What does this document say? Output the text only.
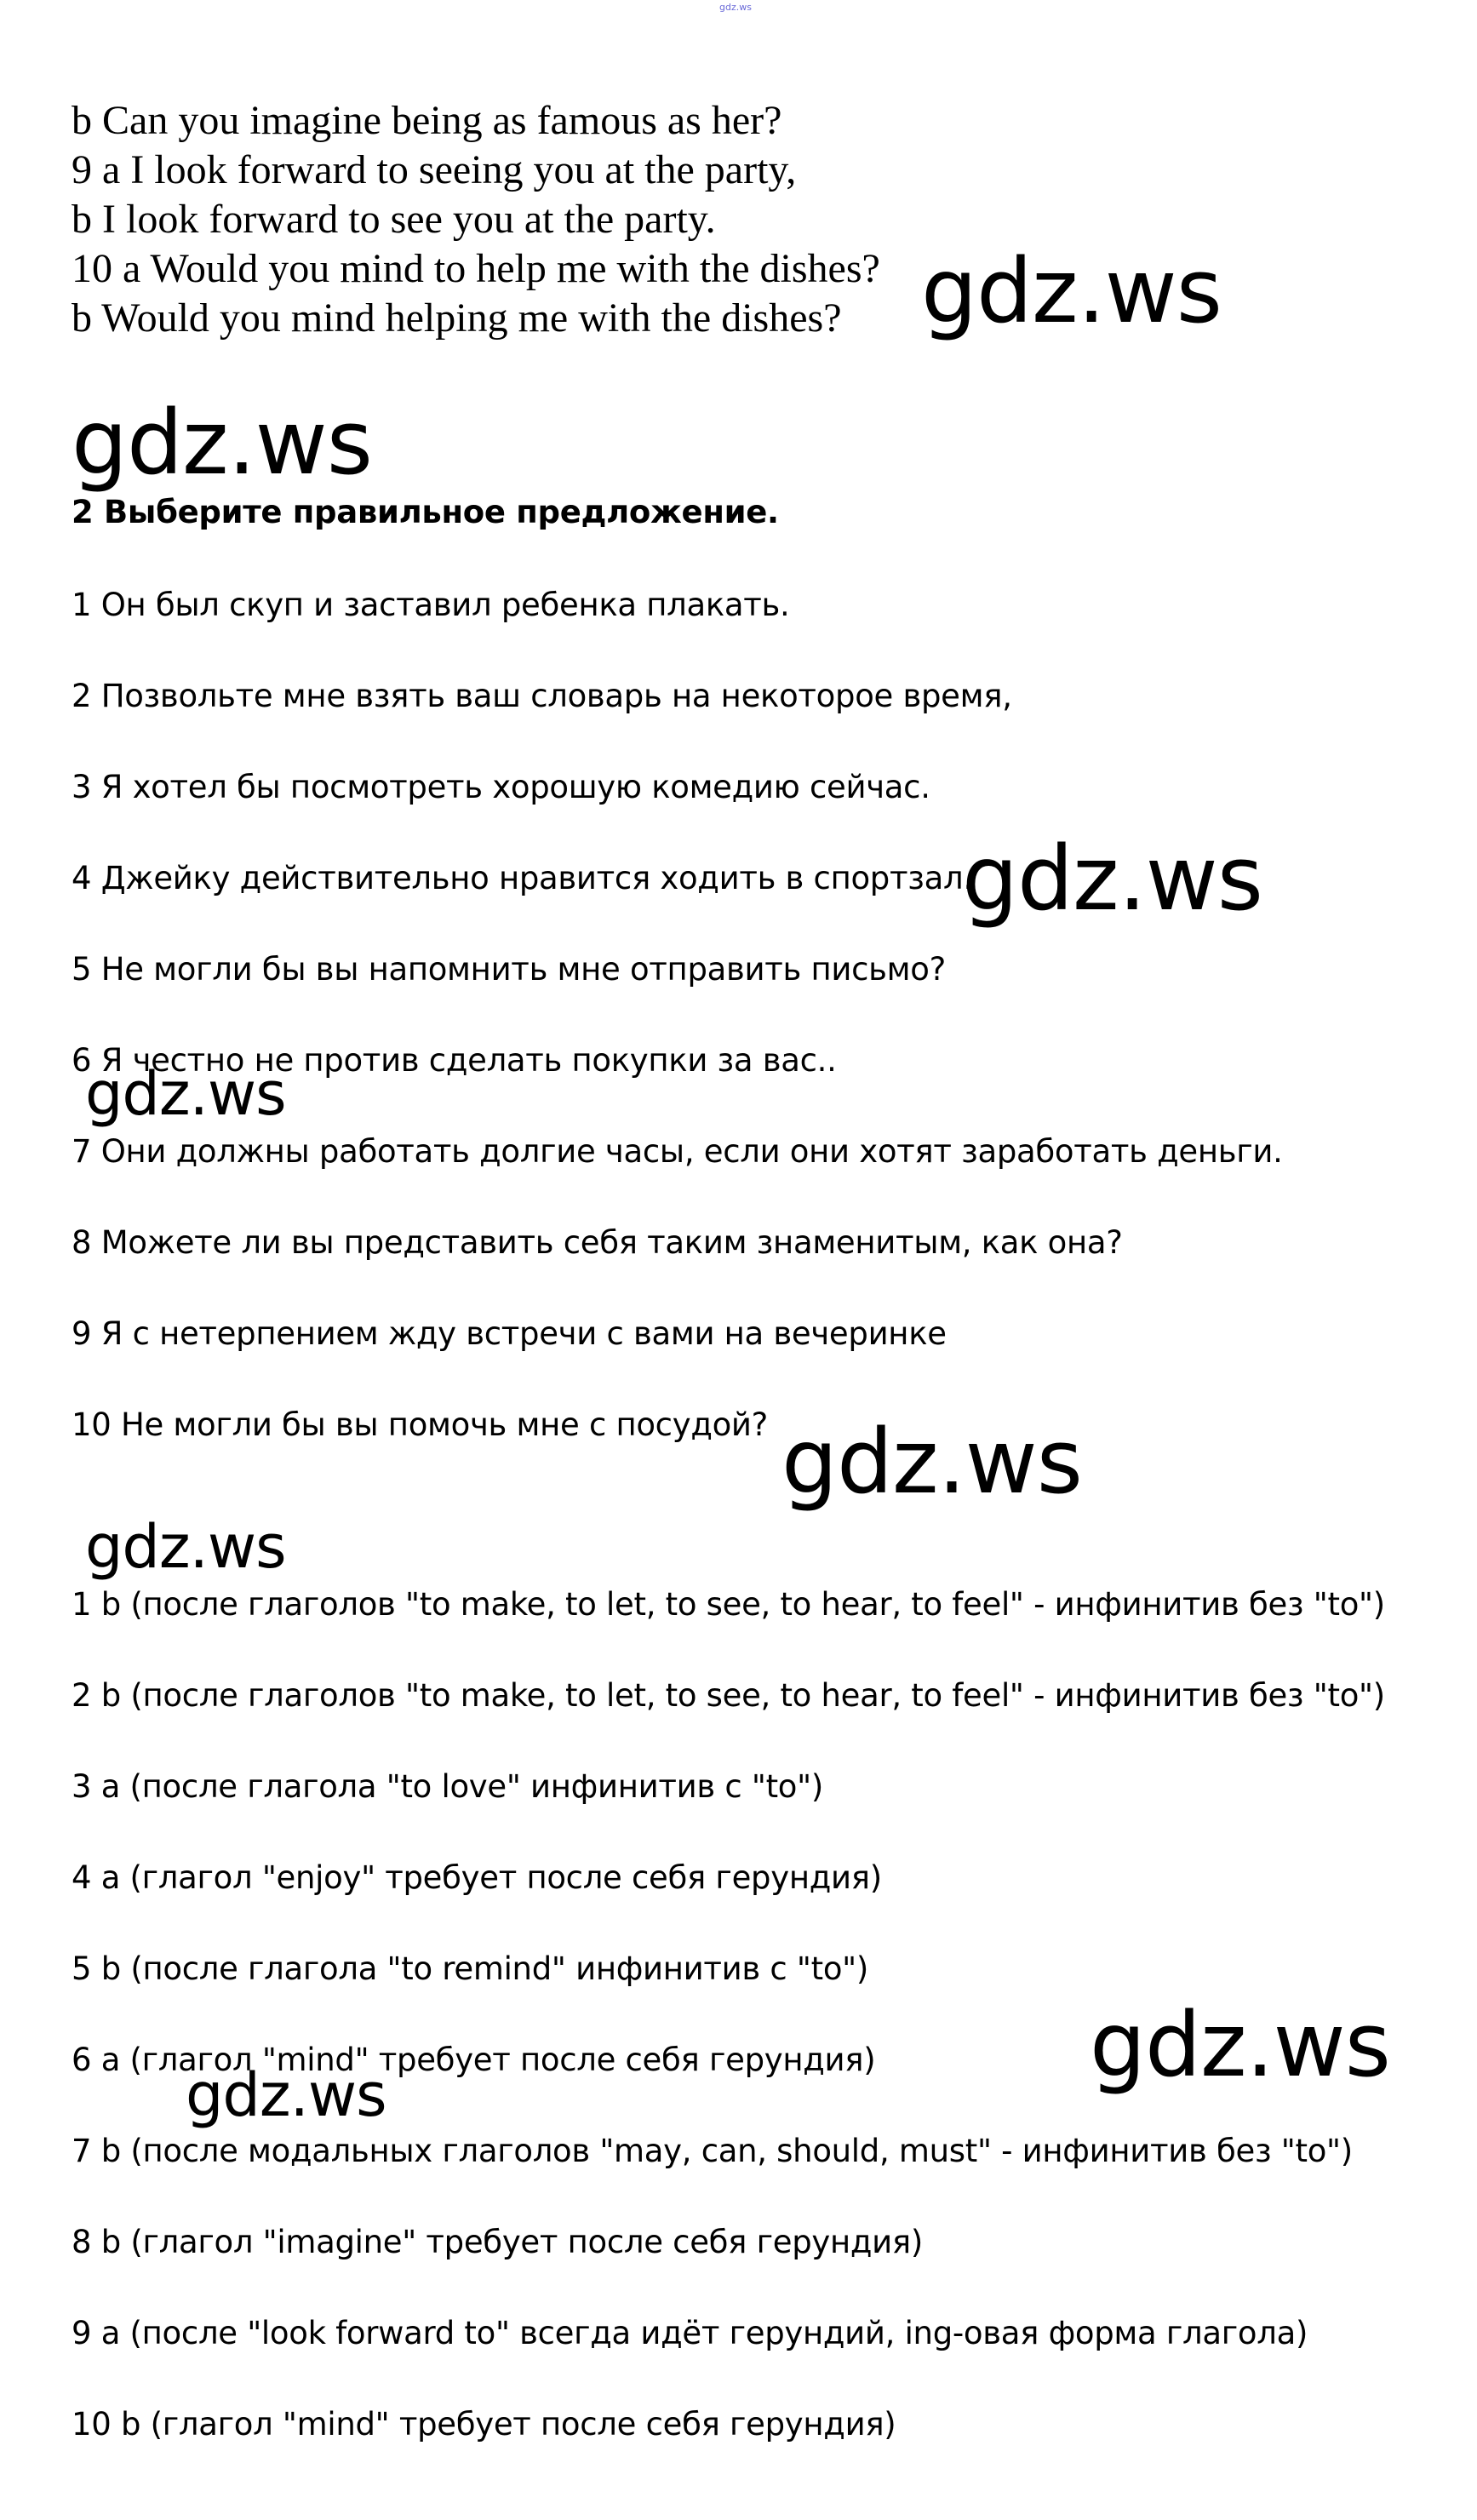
gdz.ws
b Can you imagine being as famous as her?
9 a I look forward to seeing you at the party,
b I look forward to see you at the party.
10 a Would you mind to help me with the dishes?
b Would you mind helping me with the dishes?
2 Выберите правильное предложение.
1 Он был скуп и заставил ребенка плакать.
2 Позвольте мне взять ваш словарь на некоторое время,
3 Я хотел бы посмотреть хорошую комедию сейчас.
4 Джейку действительно нравится ходить в спортзал.
5 Не могли бы вы напомнить мне отправить письмо?
6 Я честно не против сделать покупки за вас..
7 Они должны работать долгие часы, если они хотят заработать деньги.
8 Можете ли вы представить себя таким знаменитым, как она?
9 Я с нетерпением жду встречи с вами на вечеринке
10 Не могли бы вы помочь мне с посудой?
1 b (после глаголов "to make, to let, to see, to hear, to feel" - инфинитив без "to")
2 b (после глаголов "to make, to let, to see, to hear, to feel" - инфинитив без "to")
3 a (после глагола "to love" инфинитив с "to")
4 a (глагол "enjoy" требует после себя герундия)
5 b (после глагола "to remind" инфинитив с "to")
6 a (глагол "mind" требует после себя герундия)
7 b (после модальных глаголов "may, can, should, must" - инфинитив без "to")
8 b (глагол "imagine" требует после себя герундия)
9 a (после "look forward to" всегда идёт герундий, ing-овая форма глагола)
10 b (глагол "mind" требует после себя герундия)
gdz.ws
gdz.ws
gdz.ws
gdz.ws
gdz.ws
gdz.ws
gdz.ws
gdz.ws
